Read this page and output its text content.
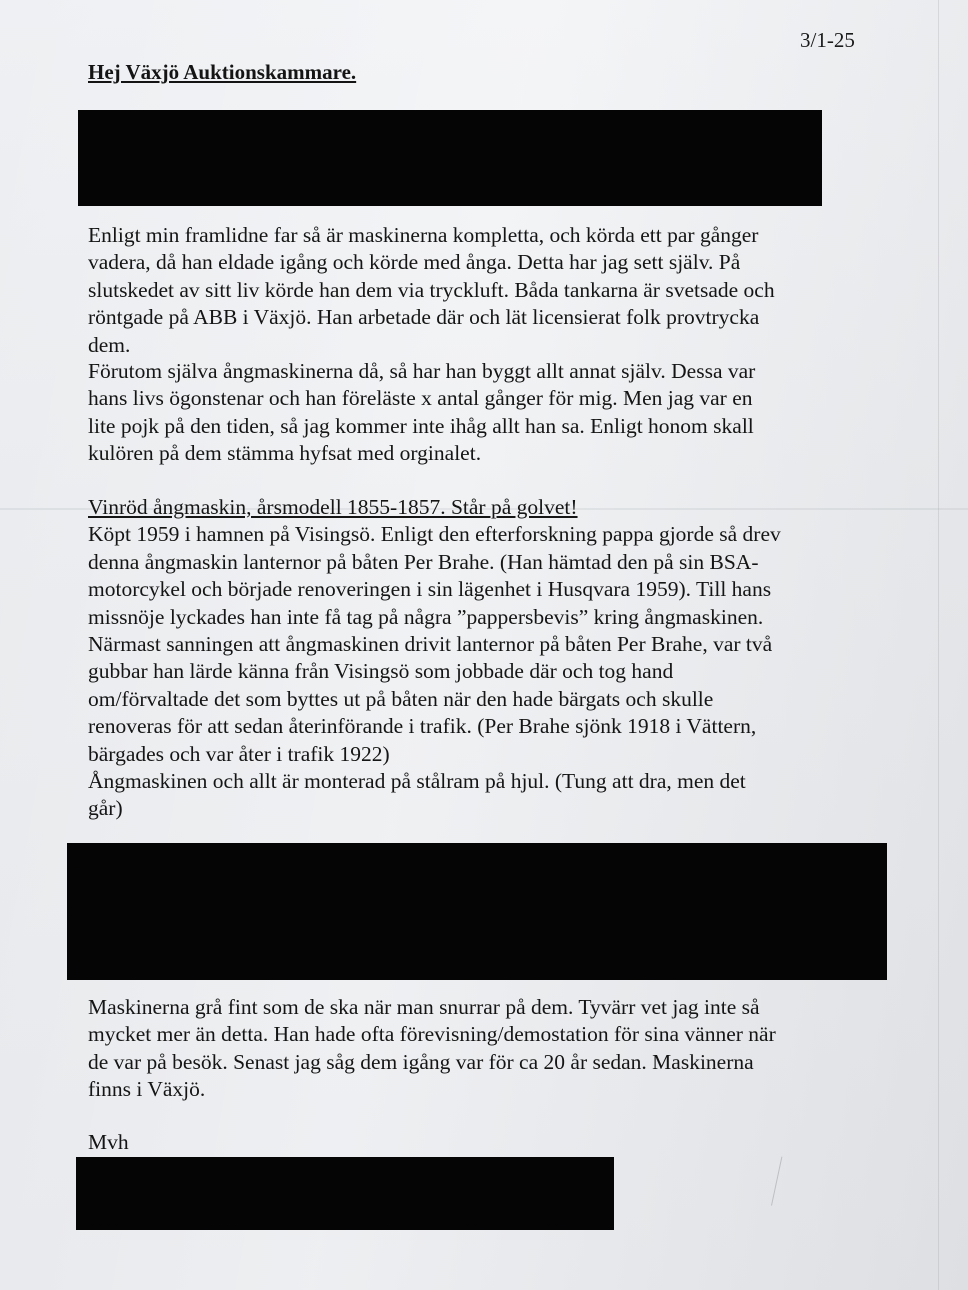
3/1-25
Hej Växjö Auktionskammare.
Enligt min framlidne far så är maskinerna kompletta, och körda ett par gånger
vadera, då han eldade igång och körde med ånga. Detta har jag sett själv. På
slutskedet av sitt liv körde han dem via tryckluft. Båda tankarna är svetsade och
röntgade på ABB i Växjö. Han arbetade där och lät licensierat folk provtrycka
dem.
Förutom själva ångmaskinerna då, så har han byggt allt annat själv. Dessa var
hans livs ögonstenar och han föreläste x antal gånger för mig. Men jag var en
lite pojk på den tiden, så jag kommer inte ihåg allt han sa. Enligt honom skall
kulören på dem stämma hyfsat med orginalet.
Vinröd ångmaskin, årsmodell 1855-1857. Står på golvet!
Köpt 1959 i hamnen på Visingsö. Enligt den efterforskning pappa gjorde så drev
denna ångmaskin lanternor på båten Per Brahe. (Han hämtad den på sin BSA-
motorcykel och började renoveringen i sin lägenhet i Husqvara 1959). Till hans
missnöje lyckades han inte få tag på några ”pappersbevis” kring ångmaskinen.
Närmast sanningen att ångmaskinen drivit lanternor på båten Per Brahe, var två
gubbar han lärde känna från Visingsö som jobbade där och tog hand
om/förvaltade det som byttes ut på båten när den hade bärgats och skulle
renoveras för att sedan återinförande i trafik. (Per Brahe sjönk 1918 i Vättern,
bärgades och var åter i trafik 1922)
Ångmaskinen och allt är monterad på stålram på hjul. (Tung att dra, men det
går)
Maskinerna grå fint som de ska när man snurrar på dem. Tyvärr vet jag inte så
mycket mer än detta. Han hade ofta förevisning/demostation för sina vänner när
de var på besök. Senast jag såg dem igång var för ca 20 år sedan. Maskinerna
finns i Växjö.
Mvh
